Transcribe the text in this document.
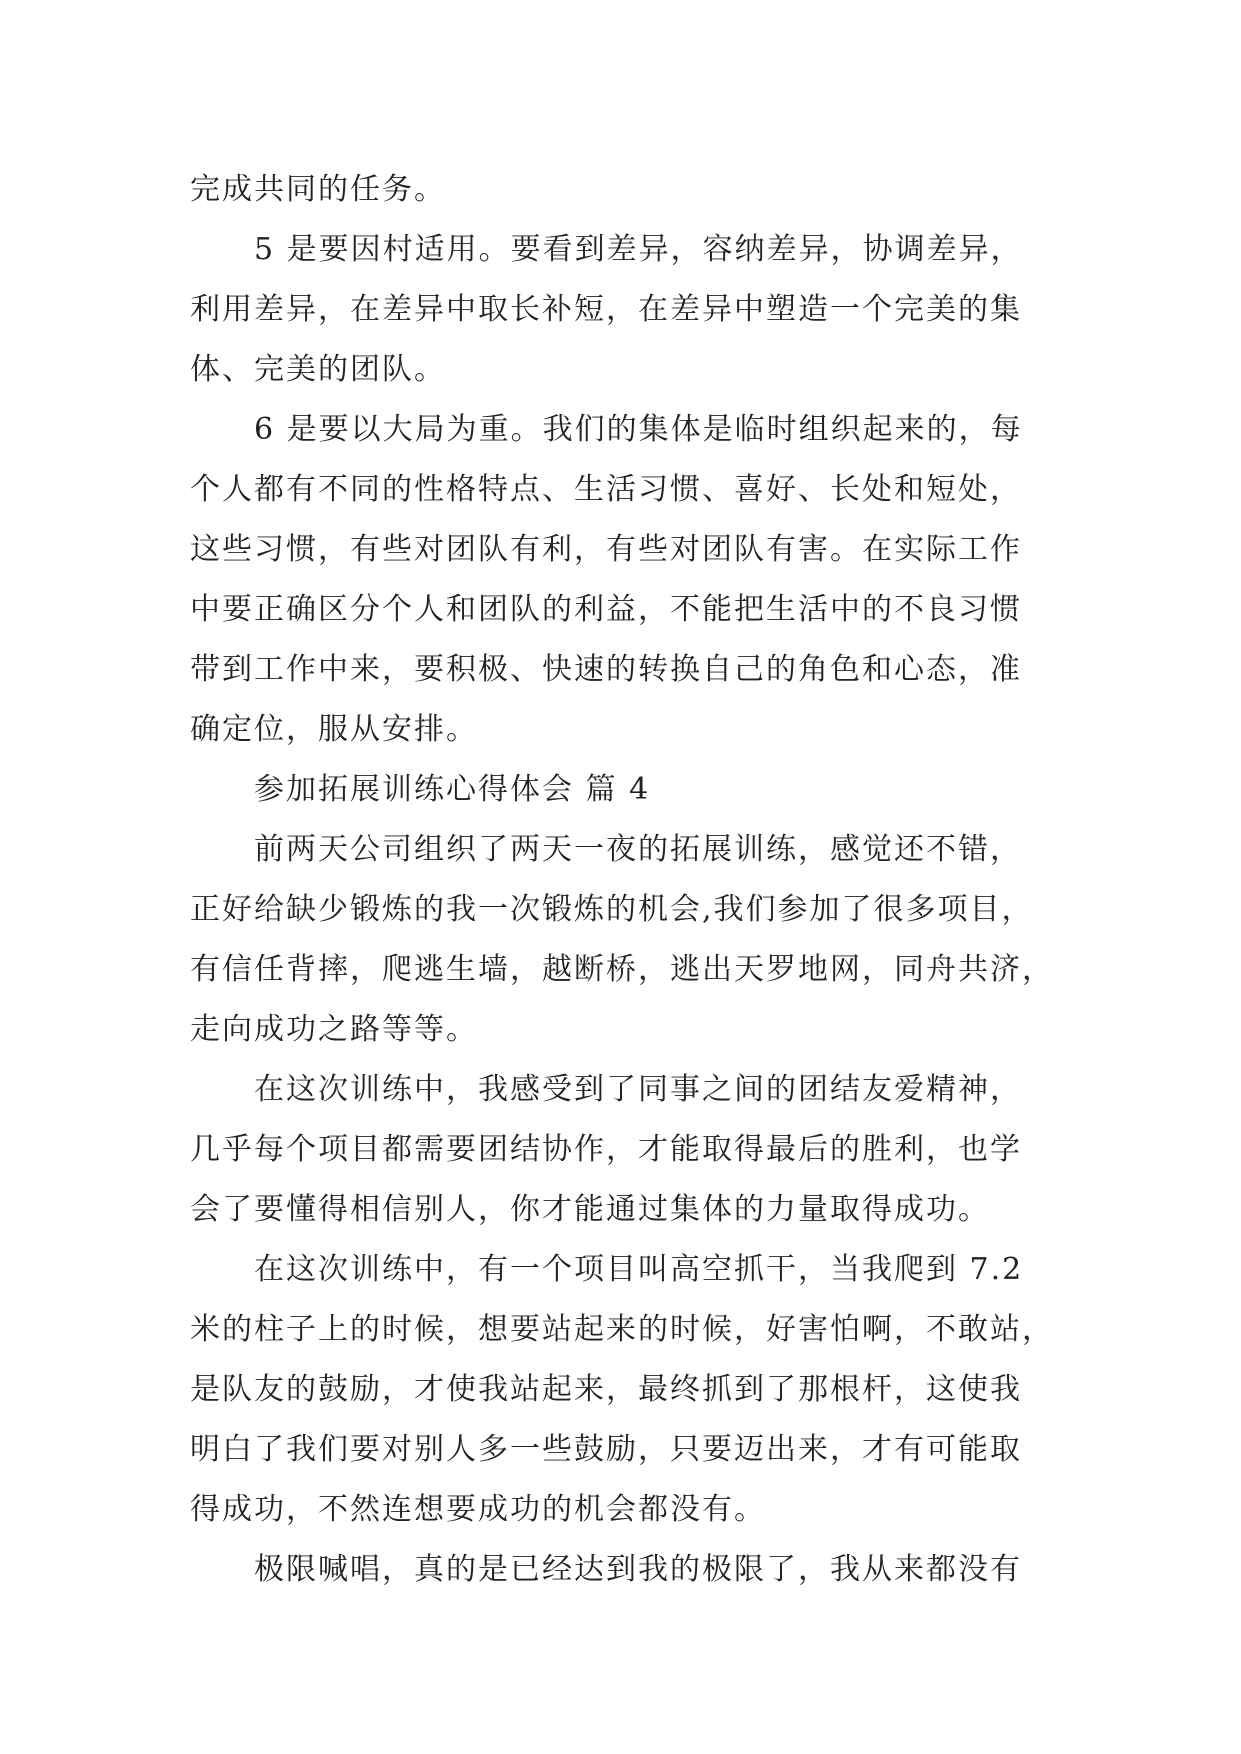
完成共同的任务。
5 是要因村适用。要看到差异，容纳差异，协调差异，
利用差异，在差异中取长补短，在差异中塑造一个完美的集
体、完美的团队。
6 是要以大局为重。我们的集体是临时组织起来的，每
个人都有不同的性格特点、生活习惯、喜好、长处和短处，
这些习惯，有些对团队有利，有些对团队有害。在实际工作
中要正确区分个人和团队的利益，不能把生活中的不良习惯
带到工作中来，要积极、快速的转换自己的角色和心态，准
确定位，服从安排。
参加拓展训练心得体会 篇 4
前两天公司组织了两天一夜的拓展训练，感觉还不错，
正好给缺少锻炼的我一次锻炼的机会,我们参加了很多项目，
有信任背摔，爬逃生墙，越断桥，逃出天罗地网，同舟共济，
走向成功之路等等。
在这次训练中，我感受到了同事之间的团结友爱精神，
几乎每个项目都需要团结协作，才能取得最后的胜利，也学
会了要懂得相信别人，你才能通过集体的力量取得成功。
在这次训练中，有一个项目叫高空抓干，当我爬到 7.2
米的柱子上的时候，想要站起来的时候，好害怕啊，不敢站，
是队友的鼓励，才使我站起来，最终抓到了那根杆，这使我
明白了我们要对别人多一些鼓励，只要迈出来，才有可能取
得成功，不然连想要成功的机会都没有。
极限喊唱，真的是已经达到我的极限了，我从来都没有
